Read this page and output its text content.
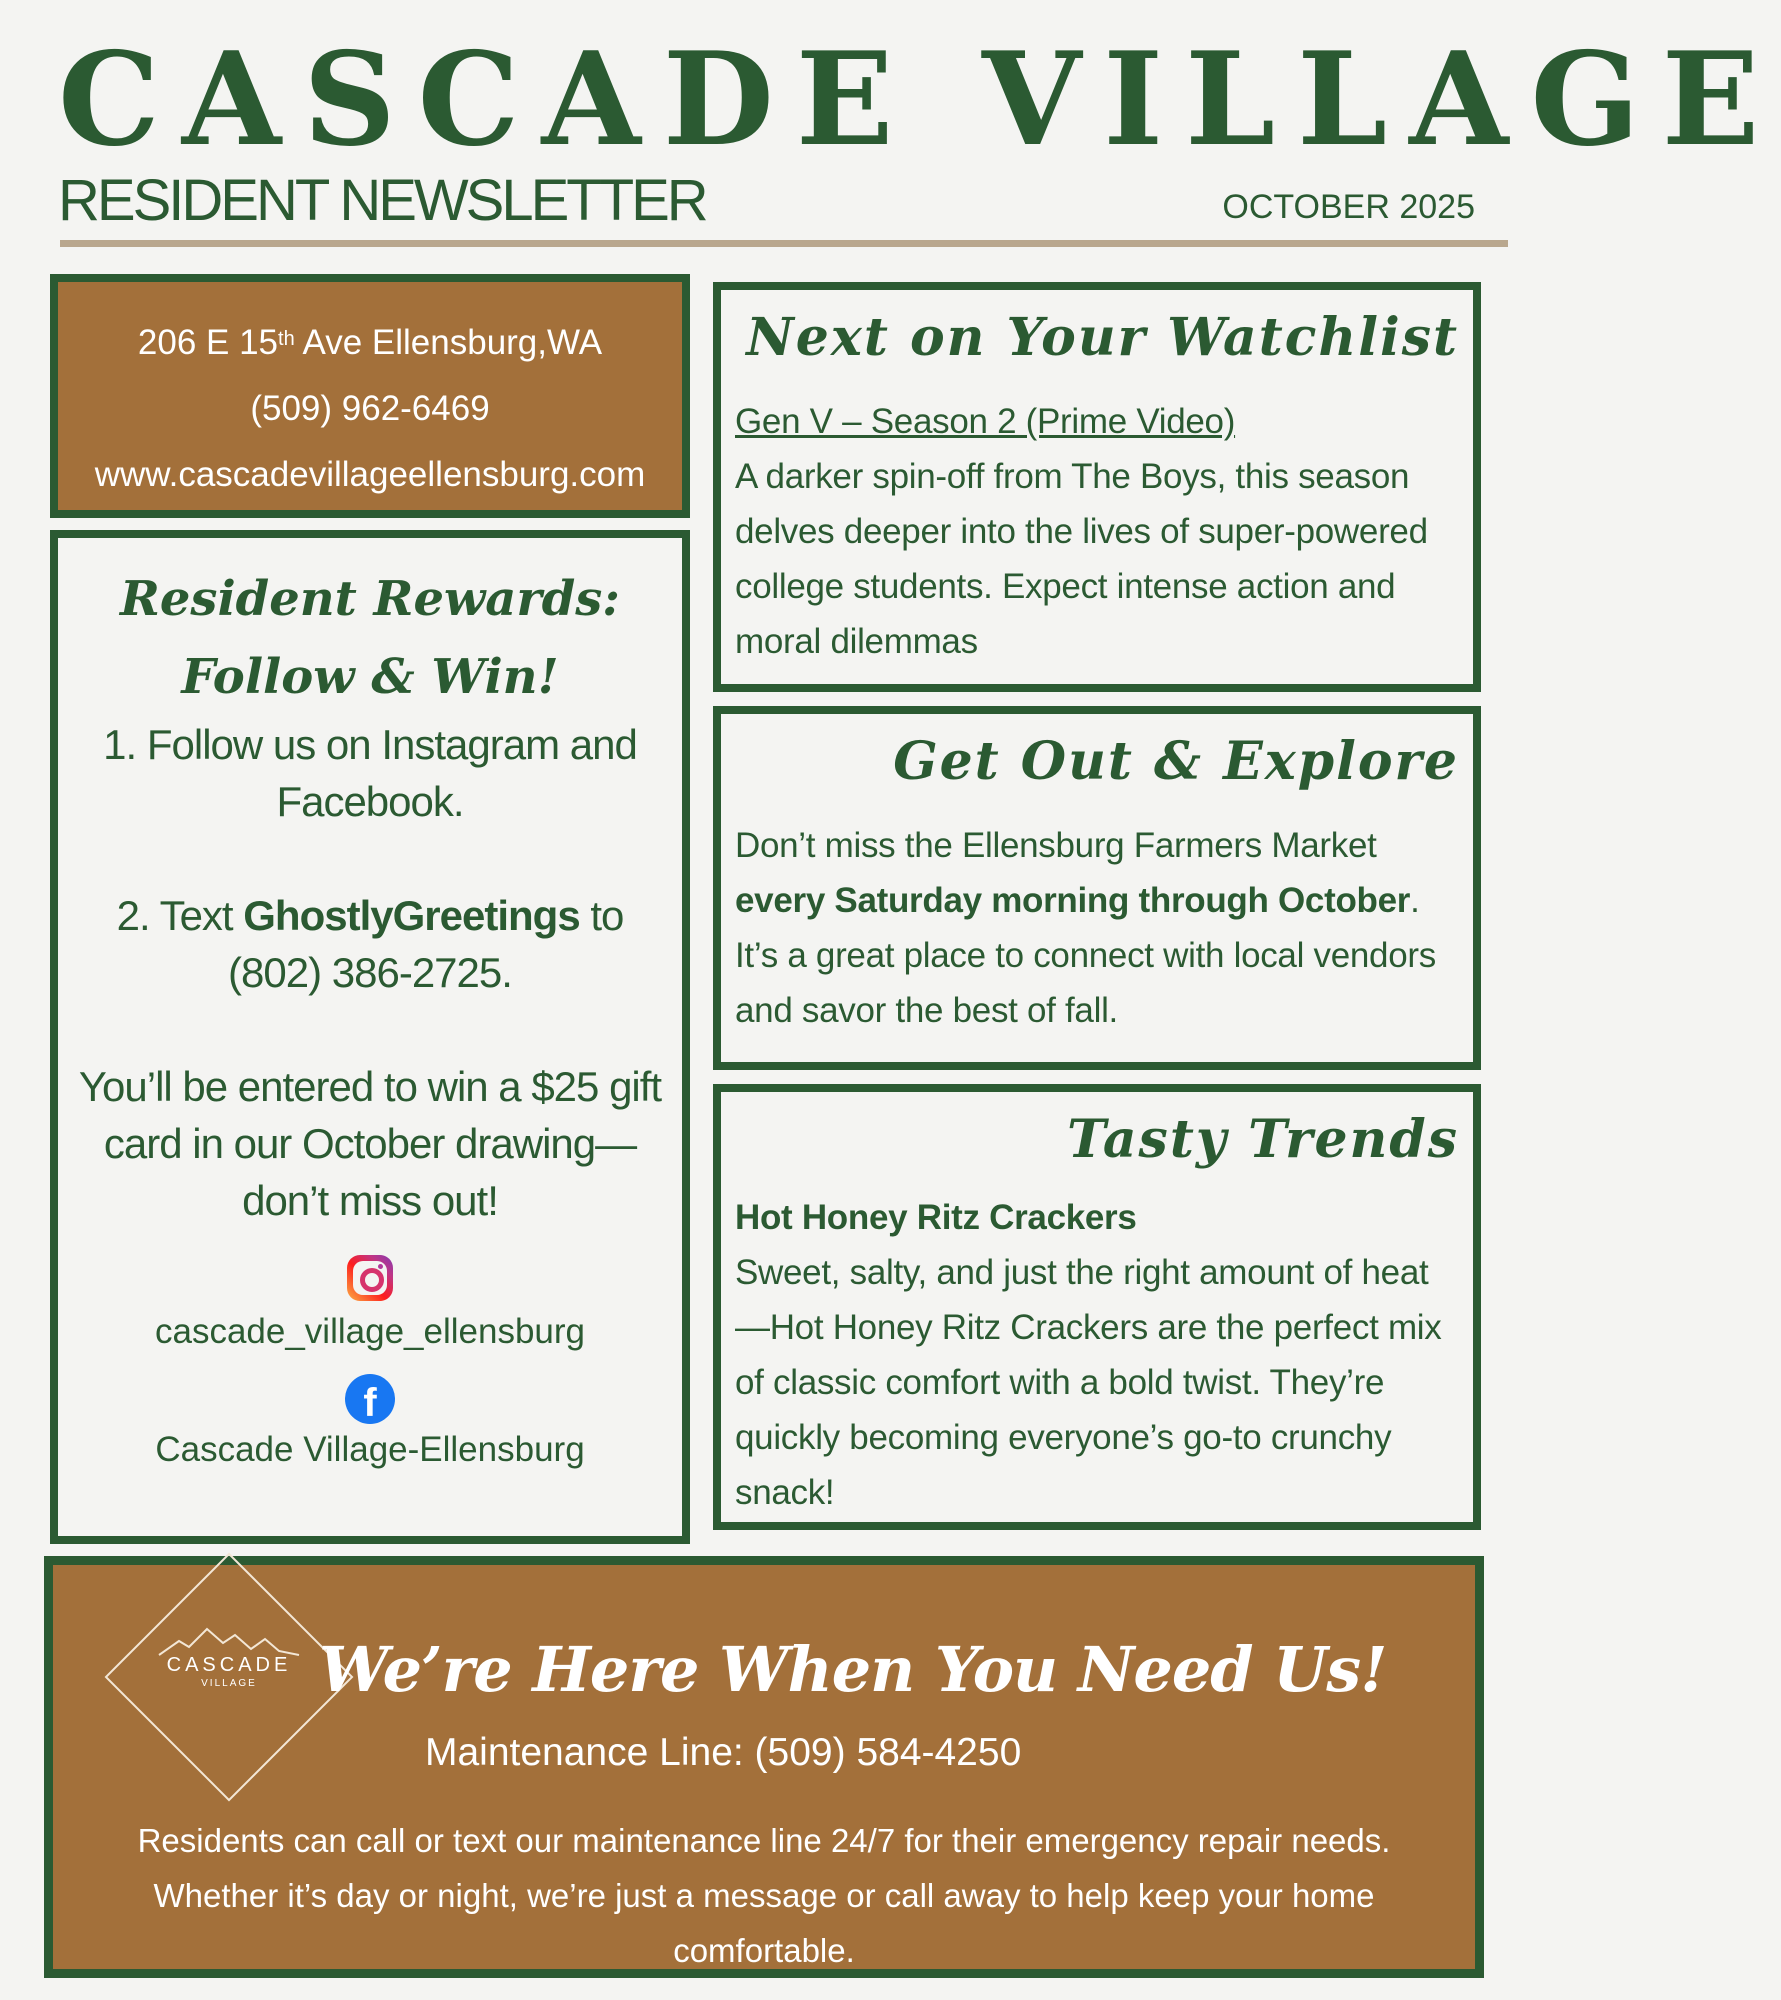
CASCADE VILLAGE
RESIDENT NEWSLETTER	OCTOBER 2025
206 E 15th Ave Ellensburg,WA
(509) 962-6469
www.cascadevillageellensburg.com
Resident Rewards:
Follow & Win!
1. Follow us on Instagram and Facebook.
2. Text GhostlyGreetings to (802) 386-2725.
You’ll be entered to win a $25 gift card in our October drawing—don’t miss out!
cascade_village_ellensburg
f
Cascade Village-Ellensburg
Next on Your Watchlist
Gen V – Season 2 (Prime Video)
A darker spin-off from The Boys, this season delves deeper into the lives of super-powered college students. Expect intense action and moral dilemmas
Get Out & Explore
Don’t miss the Ellensburg Farmers Market every Saturday morning through October. It’s a great place to connect with local vendors and savor the best of fall.
Tasty Trends
Hot Honey Ritz Crackers
Sweet, salty, and just the right amount of heat—Hot Honey Ritz Crackers are the perfect mix of classic comfort with a bold twist. They’re quickly becoming everyone’s go-to crunchy snack!
CASCADE
VILLAGE	We’re Here When You Need Us!
Maintenance Line: (509) 584-4250
Residents can call or text our maintenance line 24/7 for their emergency repair needs. Whether it’s day or night, we’re just a message or call away to help keep your home comfortable.
